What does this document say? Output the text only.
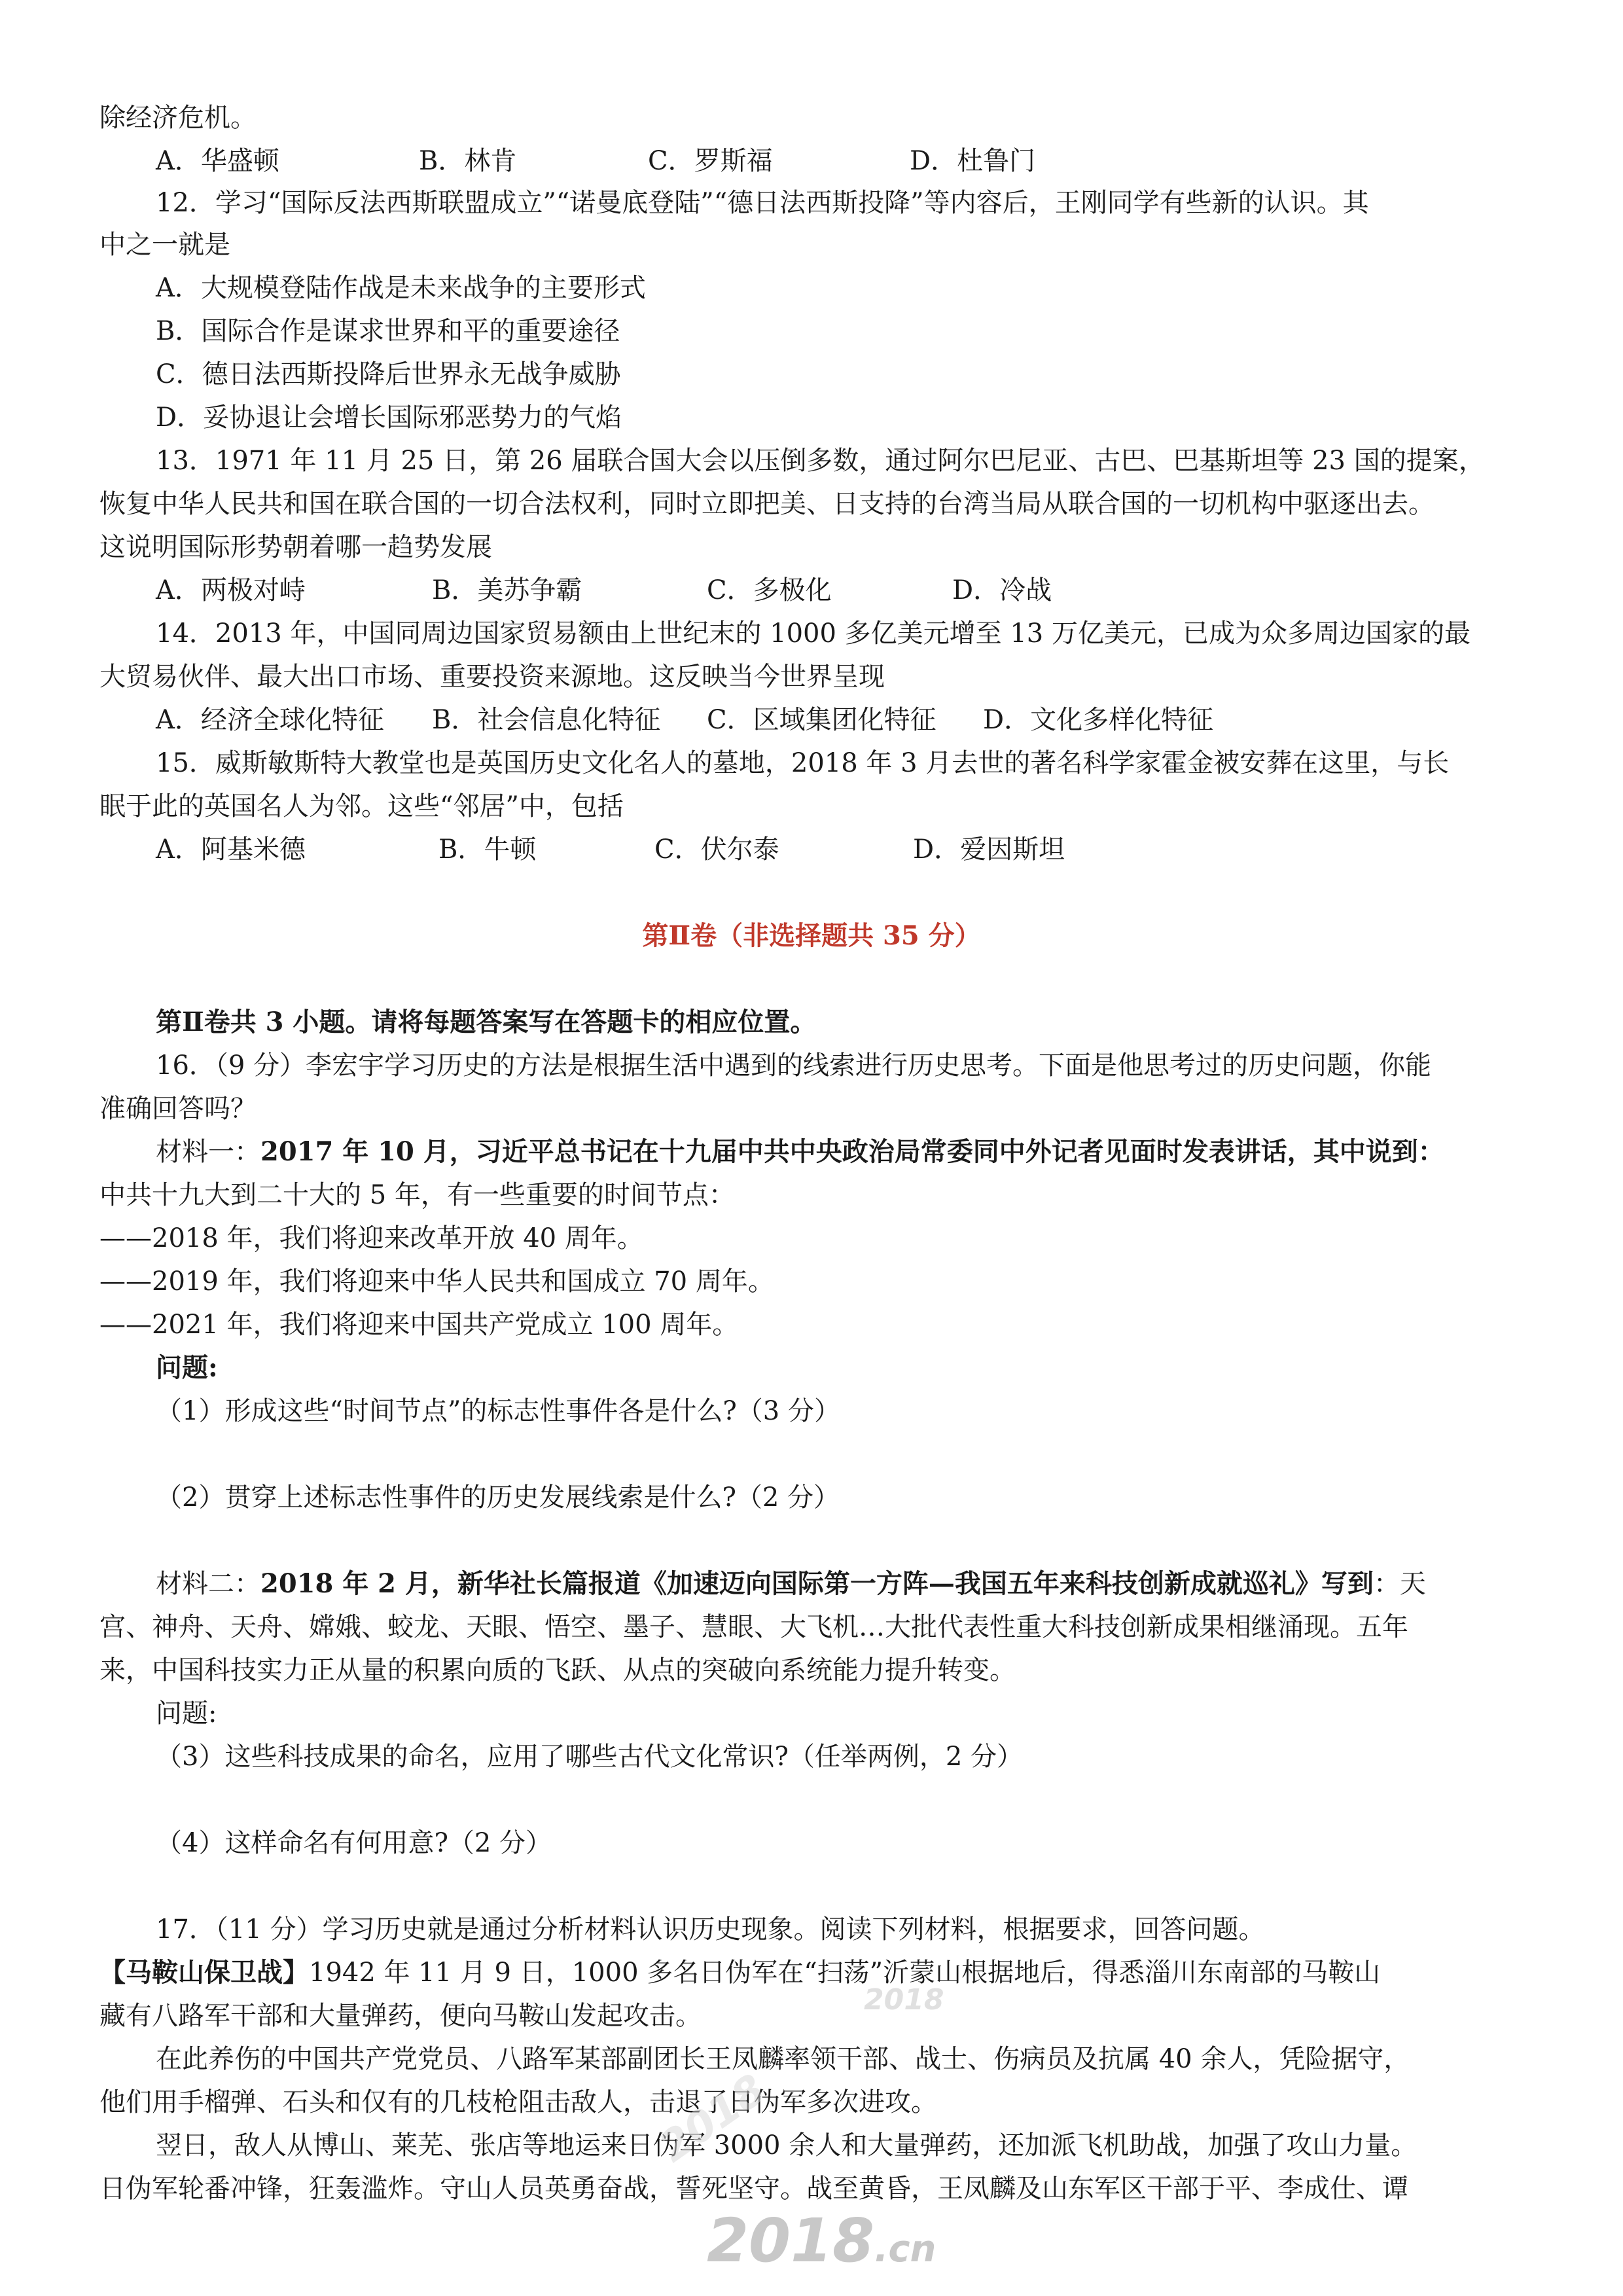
除经济危机。
A．华盛顿	B．林肯	C．罗斯福	D．杜鲁门
12．学习“国际反法西斯联盟成立”“诺曼底登陆”“德日法西斯投降”等内容后，王刚同学有些新的认识。其
中之一就是
A．大规模登陆作战是未来战争的主要形式
B．国际合作是谋求世界和平的重要途径
C．德日法西斯投降后世界永无战争威胁
D．妥协退让会增长国际邪恶势力的气焰
13．1971 年 11 月 25 日，第 26 届联合国大会以压倒多数，通过阿尔巴尼亚、古巴、巴基斯坦等 23 国的提案，
恢复中华人民共和国在联合国的一切合法权利，同时立即把美、日支持的台湾当局从联合国的一切机构中驱逐出去。
这说明国际形势朝着哪一趋势发展
A．两极对峙	B．美苏争霸	C．多极化	D．冷战
14．2013 年，中国同周边国家贸易额由上世纪末的 1000 多亿美元增至 13 万亿美元，已成为众多周边国家的最
大贸易伙伴、最大出口市场、重要投资来源地。这反映当今世界呈现
A．经济全球化特征 B．社会信息化特征 C．区域集团化特征 D．文化多样化特征
15．威斯敏斯特大教堂也是英国历史文化名人的墓地，2018 年 3 月去世的著名科学家霍金被安葬在这里，与长
眠于此的英国名人为邻。这些“邻居”中，包括
A．阿基米德	B．牛顿	C．伏尔泰	D．爱因斯坦
第Ⅱ卷（非选择题共 35 分）
第Ⅱ卷共 3 小题。请将每题答案写在答题卡的相应位置。
16．（9 分）李宏宇学习历史的方法是根据生活中遇到的线索进行历史思考。下面是他思考过的历史问题，你能
准确回答吗？
材料一：2017 年 10 月，习近平总书记在十九届中共中央政治局常委同中外记者见面时发表讲话，其中说到：
中共十九大到二十大的 5 年，有一些重要的时间节点：
——2018 年，我们将迎来改革开放 40 周年。
——2019 年，我们将迎来中华人民共和国成立 70 周年。
——2021 年，我们将迎来中国共产党成立 100 周年。
问题:
（1）形成这些“时间节点”的标志性事件各是什么?（3 分）
（2）贯穿上述标志性事件的历史发展线索是什么?（2 分）
材料二：2018 年 2 月，新华社长篇报道《加速迈向国际第一方阵—我国五年来科技创新成就巡礼》写到：天
宫、神舟、天舟、嫦娥、蛟龙、天眼、悟空、墨子、慧眼、大飞机…大批代表性重大科技创新成果相继涌现。五年
来，中国科技实力正从量的积累向质的飞跃、从点的突破向系统能力提升转变。
问题:
（3）这些科技成果的命名，应用了哪些古代文化常识?（任举两例，2 分）
（4）这样命名有何用意?（2 分）
17．（11 分）学习历史就是通过分析材料认识历史现象。阅读下列材料，根据要求，回答问题。
【马鞍山保卫战】1942 年 11 月 9 日，1000 多名日伪军在“扫荡”沂蒙山根据地后，得悉淄川东南部的马鞍山
藏有八路军干部和大量弹药，便向马鞍山发起攻击。
在此养伤的中国共产党党员、八路军某部副团长王凤麟率领干部、战士、伤病员及抗属 40 余人，凭险据守，
他们用手榴弹、石头和仅有的几枝枪阻击敌人，击退了日伪军多次进攻。
翌日，敌人从博山、莱芜、张店等地运来日伪军 3000 余人和大量弹药，还加派飞机助战，加强了攻山力量。
日伪军轮番冲锋，狂轰滥炸。守山人员英勇奋战，誓死坚守。战至黄昏，王凤麟及山东军区干部于平、李成仕、谭
2018
2018
2018.cn
